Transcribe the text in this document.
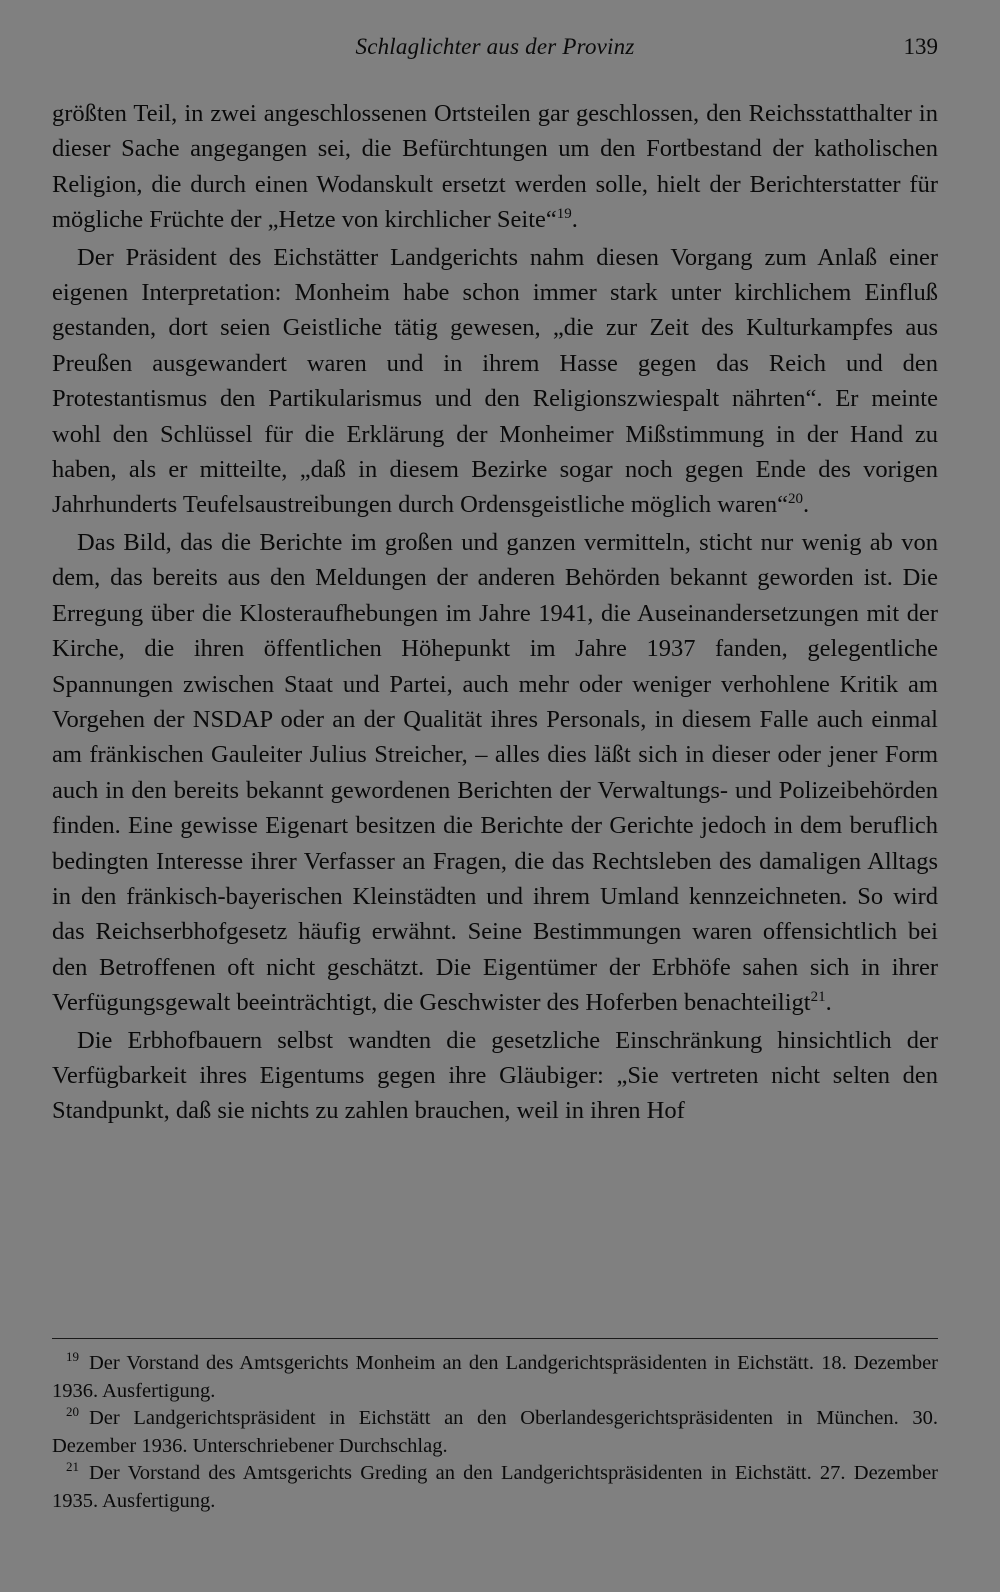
Schlaglichter aus der Provinz	139

größten Teil, in zwei angeschlossenen Ortsteilen gar geschlossen, den Reichsstatthalter in dieser Sache angegangen sei, die Befürchtungen um den Fortbestand der katholischen Religion, die durch einen Wodanskult ersetzt werden solle, hielt der Berichterstatter für mögliche Früchte der „Hetze von kirchlicher Seite“$^{19}$.

Der Präsident des Eichstätter Landgerichts nahm diesen Vorgang zum Anlaß einer eigenen Interpretation: Monheim habe schon immer stark unter kirchlichem Einfluß gestanden, dort seien Geistliche tätig gewesen, „die zur Zeit des Kulturkampfes aus Preußen ausgewandert waren und in ihrem Hasse gegen das Reich und den Protestantismus den Partikularismus und den Religionszwiespalt nährten“. Er meinte wohl den Schlüssel für die Erklärung der Monheimer Mißstimmung in der Hand zu haben, als er mitteilte, „daß in diesem Bezirke sogar noch gegen Ende des vorigen Jahrhunderts Teufelsaustreibungen durch Ordensgeistliche möglich waren“$^{20}$.

Das Bild, das die Berichte im großen und ganzen vermitteln, sticht nur wenig ab von dem, das bereits aus den Meldungen der anderen Behörden bekannt geworden ist. Die Erregung über die Klosteraufhebungen im Jahre 1941, die Auseinandersetzungen mit der Kirche, die ihren öffentlichen Höhepunkt im Jahre 1937 fanden, gelegentliche Spannungen zwischen Staat und Partei, auch mehr oder weniger verhohlene Kritik am Vorgehen der NSDAP oder an der Qualität ihres Personals, in diesem Falle auch einmal am fränkischen Gauleiter Julius Streicher, – alles dies läßt sich in dieser oder jener Form auch in den bereits bekannt gewordenen Berichten der Verwaltungs- und Polizeibehörden finden. Eine gewisse Eigenart besitzen die Berichte der Gerichte jedoch in dem beruflich bedingten Interesse ihrer Verfasser an Fragen, die das Rechtsleben des damaligen Alltags in den fränkisch-bayerischen Kleinstädten und ihrem Umland kennzeichneten. So wird das Reichserbhofgesetz häufig erwähnt. Seine Bestimmungen waren offensichtlich bei den Betroffenen oft nicht geschätzt. Die Eigentümer der Erbhöfe sahen sich in ihrer Verfügungsgewalt beeinträchtigt, die Geschwister des Hoferben benachteiligt$^{21}$.

Die Erbhofbauern selbst wandten die gesetzliche Einschränkung hinsichtlich der Verfügbarkeit ihres Eigentums gegen ihre Gläubiger: „Sie vertreten nicht selten den Standpunkt, daß sie nichts zu zahlen brauchen, weil in ihren Hof

$^{19}$ Der Vorstand des Amtsgerichts Monheim an den Landgerichtspräsidenten in Eichstätt. 18. Dezember 1936. Ausfertigung.

$^{20}$ Der Landgerichtspräsident in Eichstätt an den Oberlandesgerichtspräsidenten in München. 30. Dezember 1936. Unterschriebener Durchschlag.

$^{21}$ Der Vorstand des Amtsgerichts Greding an den Landgerichtspräsidenten in Eichstätt. 27. Dezember 1935. Ausfertigung.
